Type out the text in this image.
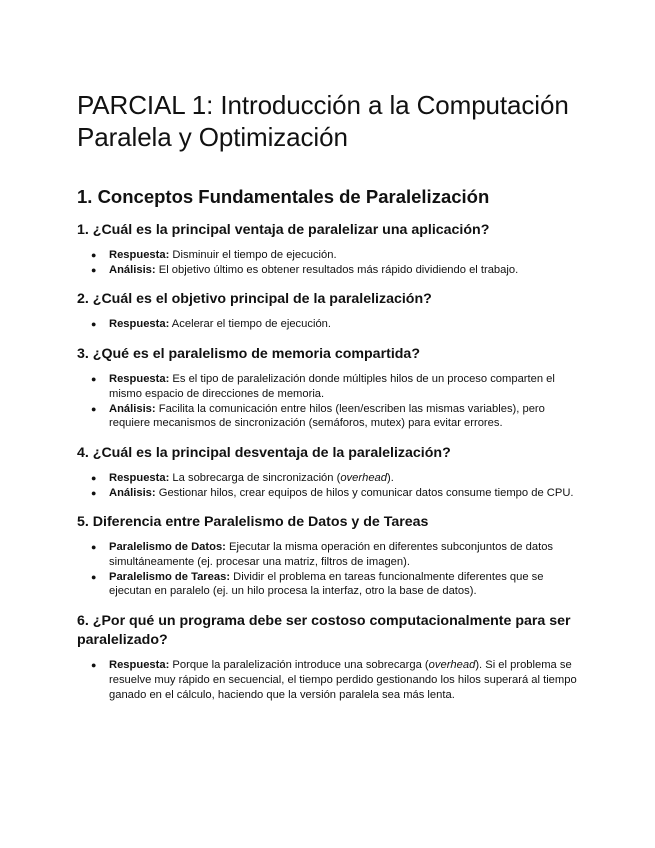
PARCIAL 1: Introducción a la Computación Paralela y Optimización
1. Conceptos Fundamentales de Paralelización
1. ¿Cuál es la principal ventaja de paralelizar una aplicación?
● Respuesta: Disminuir el tiempo de ejecución.
● Análisis: El objetivo último es obtener resultados más rápido dividiendo el trabajo.
2. ¿Cuál es el objetivo principal de la paralelización?
● Respuesta: Acelerar el tiempo de ejecución.
3. ¿Qué es el paralelismo de memoria compartida?
● Respuesta: Es el tipo de paralelización donde múltiples hilos de un proceso comparten el mismo espacio de direcciones de memoria.
● Análisis: Facilita la comunicación entre hilos (leen/escriben las mismas variables), pero requiere mecanismos de sincronización (semáforos, mutex) para evitar errores.
4. ¿Cuál es la principal desventaja de la paralelización?
● Respuesta: La sobrecarga de sincronización (overhead).
● Análisis: Gestionar hilos, crear equipos de hilos y comunicar datos consume tiempo de CPU.
5. Diferencia entre Paralelismo de Datos y de Tareas
● Paralelismo de Datos: Ejecutar la misma operación en diferentes subconjuntos de datos simultáneamente (ej. procesar una matriz, filtros de imagen).
● Paralelismo de Tareas: Dividir el problema en tareas funcionalmente diferentes que se ejecutan en paralelo (ej. un hilo procesa la interfaz, otro la base de datos).
6. ¿Por qué un programa debe ser costoso computacionalmente para ser paralelizado?
● Respuesta: Porque la paralelización introduce una sobrecarga (overhead). Si el problema se resuelve muy rápido en secuencial, el tiempo perdido gestionando los hilos superará al tiempo ganado en el cálculo, haciendo que la versión paralela sea más lenta.
